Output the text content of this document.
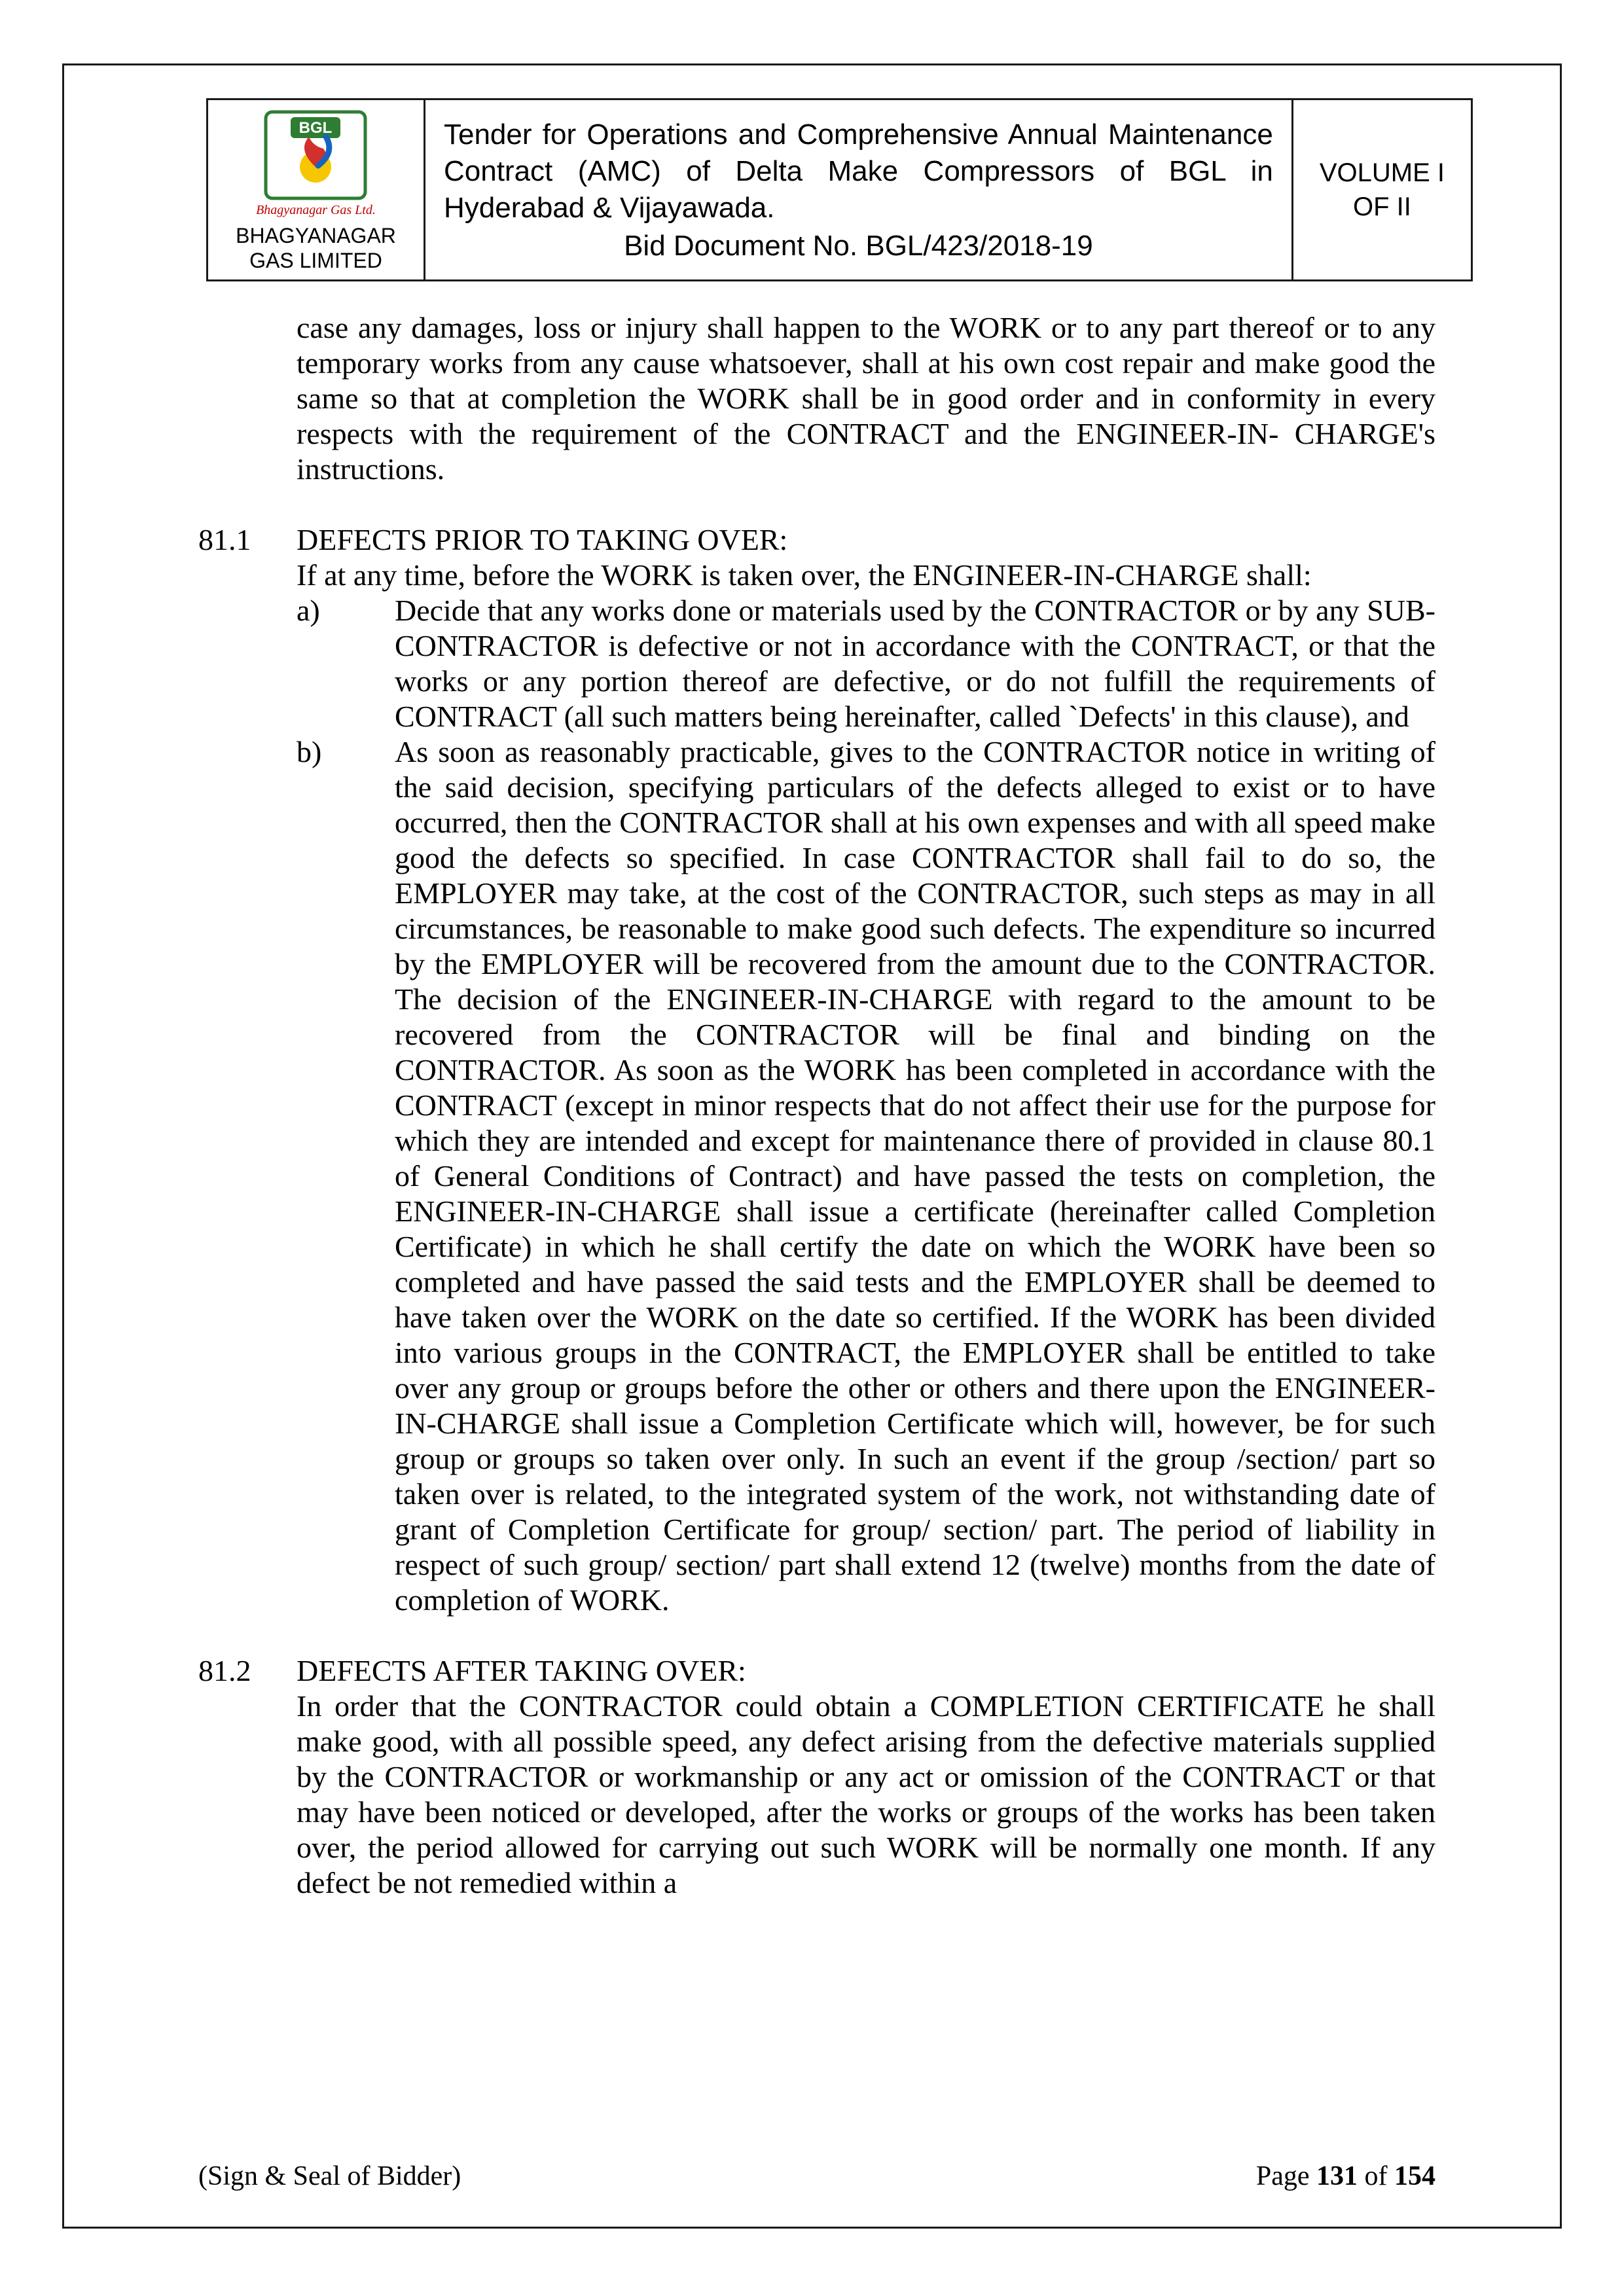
BGL
Bhagyanagar Gas Ltd.
BHAGYANAGAR GAS LIMITED
Tender for Operations and Comprehensive Annual Maintenance Contract (AMC) of Delta Make Compressors of BGL in Hyderabad & Vijayawada.
Bid Document No. BGL/423/2018-19
VOLUME I
OF II

case any damages, loss or injury shall happen to the WORK or to any part thereof or to any temporary works from any cause whatsoever, shall at his own cost repair and make good the same so that at completion the WORK shall be in good order and in conformity in every respects with the requirement of the CONTRACT and the ENGINEER-IN- CHARGE's instructions.

81.1	DEFECTS PRIOR TO TAKING OVER:

If at any time, before the WORK is taken over, the ENGINEER-IN-CHARGE shall:

a)	Decide that any works done or materials used by the CONTRACTOR or by any SUB-CONTRACTOR is defective or not in accordance with the CONTRACT, or that the works or any portion thereof are defective, or do not fulfill the requirements of CONTRACT (all such matters being hereinafter, called `Defects' in this clause), and

b)	As soon as reasonably practicable, gives to the CONTRACTOR notice in writing of the said decision, specifying particulars of the defects alleged to exist or to have occurred, then the CONTRACTOR shall at his own expenses and with all speed make good the defects so specified. In case CONTRACTOR shall fail to do so, the EMPLOYER may take, at the cost of the CONTRACTOR, such steps as may in all circumstances, be reasonable to make good such defects. The expenditure so incurred by the EMPLOYER will be recovered from the amount due to the CONTRACTOR. The decision of the ENGINEER-IN-CHARGE with regard to the amount to be recovered from the CONTRACTOR will be final and binding on the CONTRACTOR. As soon as the WORK has been completed in accordance with the CONTRACT (except in minor respects that do not affect their use for the purpose for which they are intended and except for maintenance there of provided in clause 80.1 of General Conditions of Contract) and have passed the tests on completion, the ENGINEER-IN-CHARGE shall issue a certificate (hereinafter called Completion Certificate) in which he shall certify the date on which the WORK have been so completed and have passed the said tests and the EMPLOYER shall be deemed to have taken over the WORK on the date so certified. If the WORK has been divided into various groups in the CONTRACT, the EMPLOYER shall be entitled to take over any group or groups before the other or others and there upon the ENGINEER-IN-CHARGE shall issue a Completion Certificate which will, however, be for such group or groups so taken over only. In such an event if the group /section/ part so taken over is related, to the integrated system of the work, not withstanding date of grant of Completion Certificate for group/ section/ part. The period of liability in respect of such group/ section/ part shall extend 12 (twelve) months from the date of completion of WORK.

81.2	DEFECTS AFTER TAKING OVER:

In order that the CONTRACTOR could obtain a COMPLETION CERTIFICATE he shall make good, with all possible speed, any defect arising from the defective materials supplied by the CONTRACTOR or workmanship or any act or omission of the CONTRACT or that may have been noticed or developed, after the works or groups of the works has been taken over, the period allowed for carrying out such WORK will be normally one month. If any defect be not remedied within a

(Sign & Seal of Bidder)	Page 131 of 154
